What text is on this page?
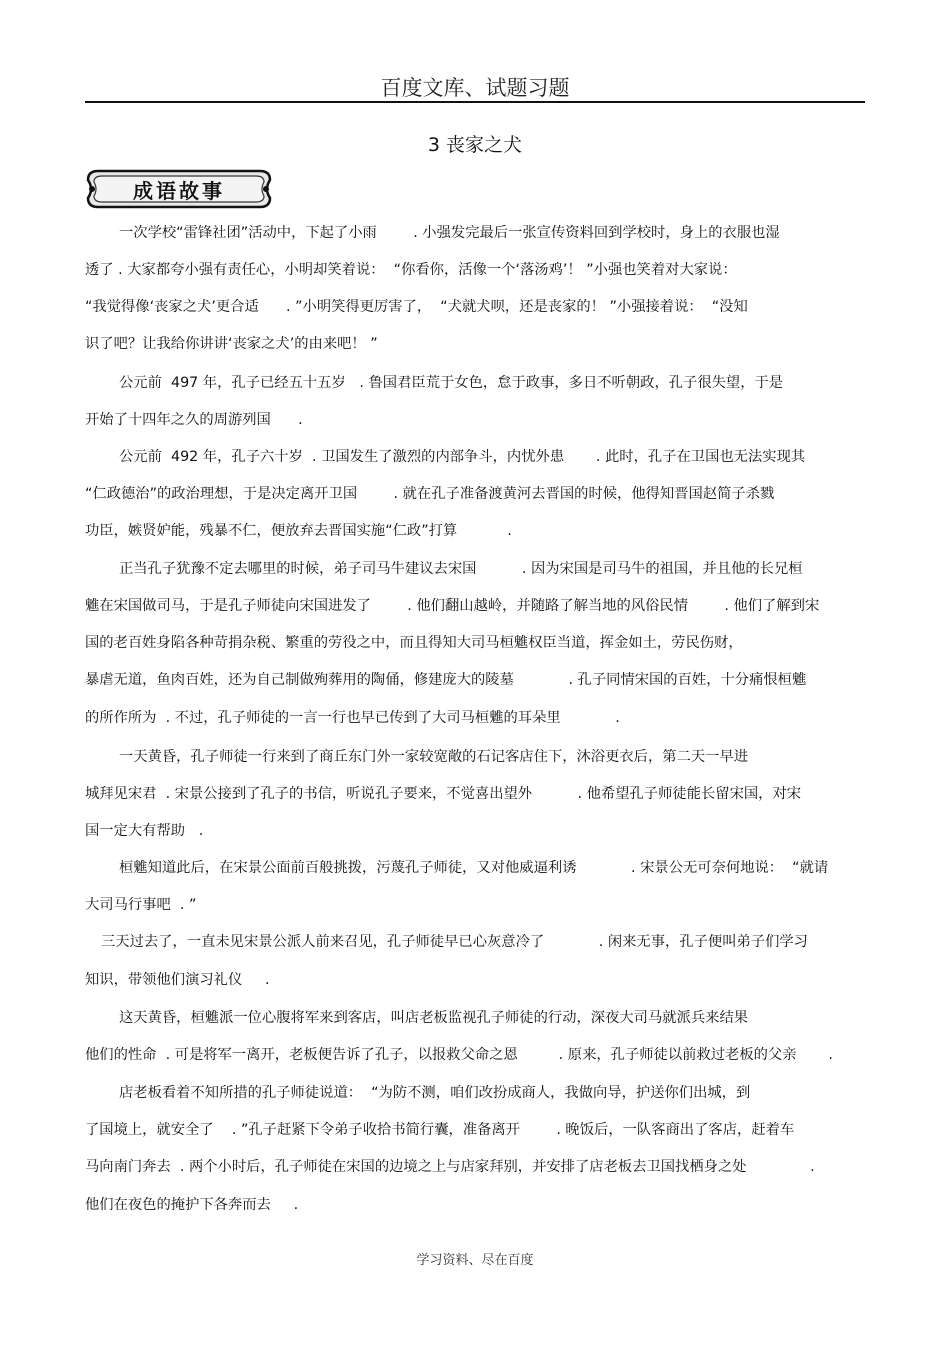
百度文库、试题习题
3 丧家之犬
成语故事
一次学校“雷锋社团”活动中，下起了小雨        . 小强发完最后一张宣传资料回到学校时，身上的衣服也湿
透了 . 大家都夸小强有责任心，小明却笑着说：  “你看你，活像一个‘落汤鸡’！ ”小强也笑着对大家说：
“我觉得像‘丧家之犬’更合适      . ”小明笑得更厉害了，  “犬就犬呗，还是丧家的！ ”小强接着说：  “没知
识了吧？让我给你讲讲‘丧家之犬’的由来吧！ ”
公元前  497 年，孔子已经五十五岁   . 鲁国君臣荒于女色，怠于政事，多日不听朝政，孔子很失望，于是
开始了十四年之久的周游列国      .
公元前  492 年，孔子六十岁  . 卫国发生了激烈的内部争斗，内忧外患       . 此时，孔子在卫国也无法实现其
“仁政德治”的政治理想，于是决定离开卫国        . 就在孔子准备渡黄河去晋国的时候，他得知晋国赵简子杀戮
功臣，嫉贤妒能，残暴不仁，便放弃去晋国实施“仁政”打算           .
正当孔子犹豫不定去哪里的时候，弟子司马牛建议去宋国          . 因为宋国是司马牛的祖国，并且他的长兄桓
魋在宋国做司马，于是孔子师徒向宋国进发了        . 他们翻山越岭，并随路了解当地的风俗民情        . 他们了解到宋
国的老百姓身陷各种苛捐杂税、繁重的劳役之中，而且得知大司马桓魋权臣当道，挥金如土，劳民伤财，
暴虐无道，鱼肉百姓，还为自己制做殉葬用的陶俑，修建庞大的陵墓            . 孔子同情宋国的百姓，十分痛恨桓魋
的所作所为  . 不过，孔子师徒的一言一行也早已传到了大司马桓魋的耳朵里            .
一天黄昏，孔子师徒一行来到了商丘东门外一家较宽敞的石记客店住下，沐浴更衣后，第二天一早进
城拜见宋君  . 宋景公接到了孔子的书信，听说孔子要来，不觉喜出望外          . 他希望孔子师徒能长留宋国，对宋
国一定大有帮助   .
桓魋知道此后，在宋景公面前百般挑拨，污蔑孔子师徒，又对他威逼利诱            . 宋景公无可奈何地说：  “就请
大司马行事吧  . ”
三天过去了，一直未见宋景公派人前来召见，孔子师徒早已心灰意冷了            . 闲来无事，孔子便叫弟子们学习
知识，带领他们演习礼仪     .
这天黄昏，桓魋派一位心腹将军来到客店，叫店老板监视孔子师徒的行动，深夜大司马就派兵来结果
他们的性命  . 可是将军一离开，老板便告诉了孔子，以报救父命之恩         . 原来，孔子师徒以前救过老板的父亲       .
店老板看着不知所措的孔子师徒说道：  “为防不测，咱们改扮成商人，我做向导，护送你们出城，到
了国境上，就安全了    . ”孔子赶紧下令弟子收拾书简行囊，准备离开        . 晚饭后，一队客商出了客店，赶着车
马向南门奔去  . 两个小时后，孔子师徒在宋国的边境之上与店家拜别，并安排了店老板去卫国找栖身之处              .
他们在夜色的掩护下各奔而去     .
学习资料、尽在百度
